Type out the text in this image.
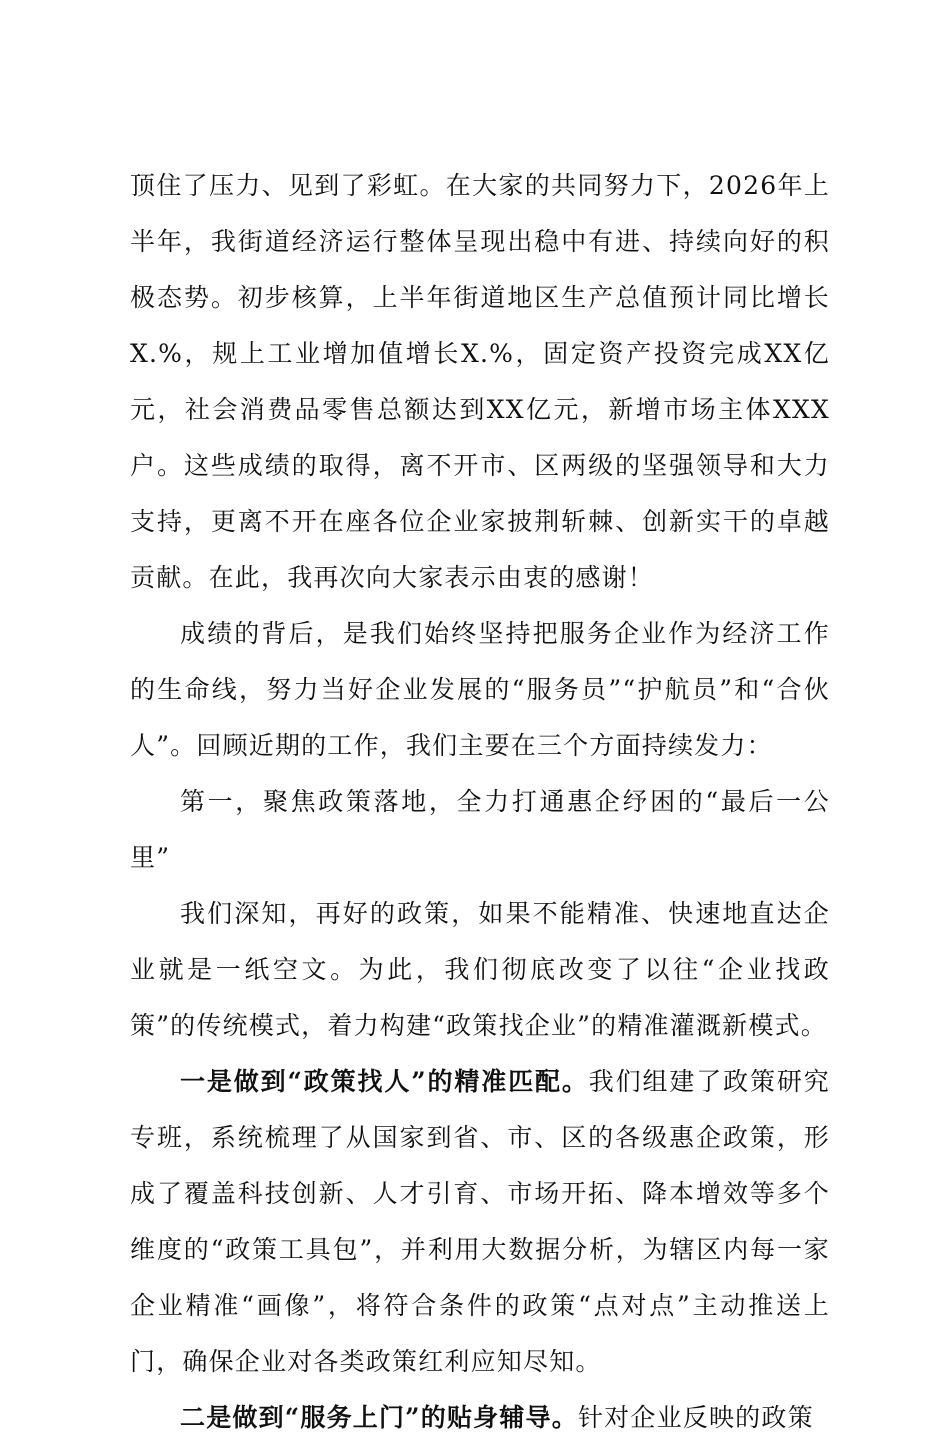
顶住了压力、见到了彩虹。在大家的共同努力下，2026年上半年，我街道经济运行整体呈现出稳中有进、持续向好的积极态势。初步核算，上半年街道地区生产总值预计同比增长X.%，规上工业增加值增长X.%，固定资产投资完成XX亿元，社会消费品零售总额达到XX亿元，新增市场主体XXX户。这些成绩的取得，离不开市、区两级的坚强领导和大力支持，更离不开在座各位企业家披荆斩棘、创新实干的卓越贡献。在此，我再次向大家表示由衷的感谢！

成绩的背后，是我们始终坚持把服务企业作为经济工作的生命线，努力当好企业发展的“服务员”“护航员”和“合伙人”。回顾近期的工作，我们主要在三个方面持续发力：

第一，聚焦政策落地，全力打通惠企纾困的“最后一公里”

我们深知，再好的政策，如果不能精准、快速地直达企业就是一纸空文。为此，我们彻底改变了以往“企业找政策”的传统模式，着力构建“政策找企业”的精准灌溉新模式。

一是做到“政策找人”的精准匹配。我们组建了政策研究专班，系统梳理了从国家到省、市、区的各级惠企政策，形成了覆盖科技创新、人才引育、市场开拓、降本增效等多个维度的“政策工具包”，并利用大数据分析，为辖区内每一家企业精准“画像”，将符合条件的政策“点对点”主动推送上门，确保企业对各类政策红利应知尽知。

二是做到“服务上门”的贴身辅导。针对企业反映的政策
